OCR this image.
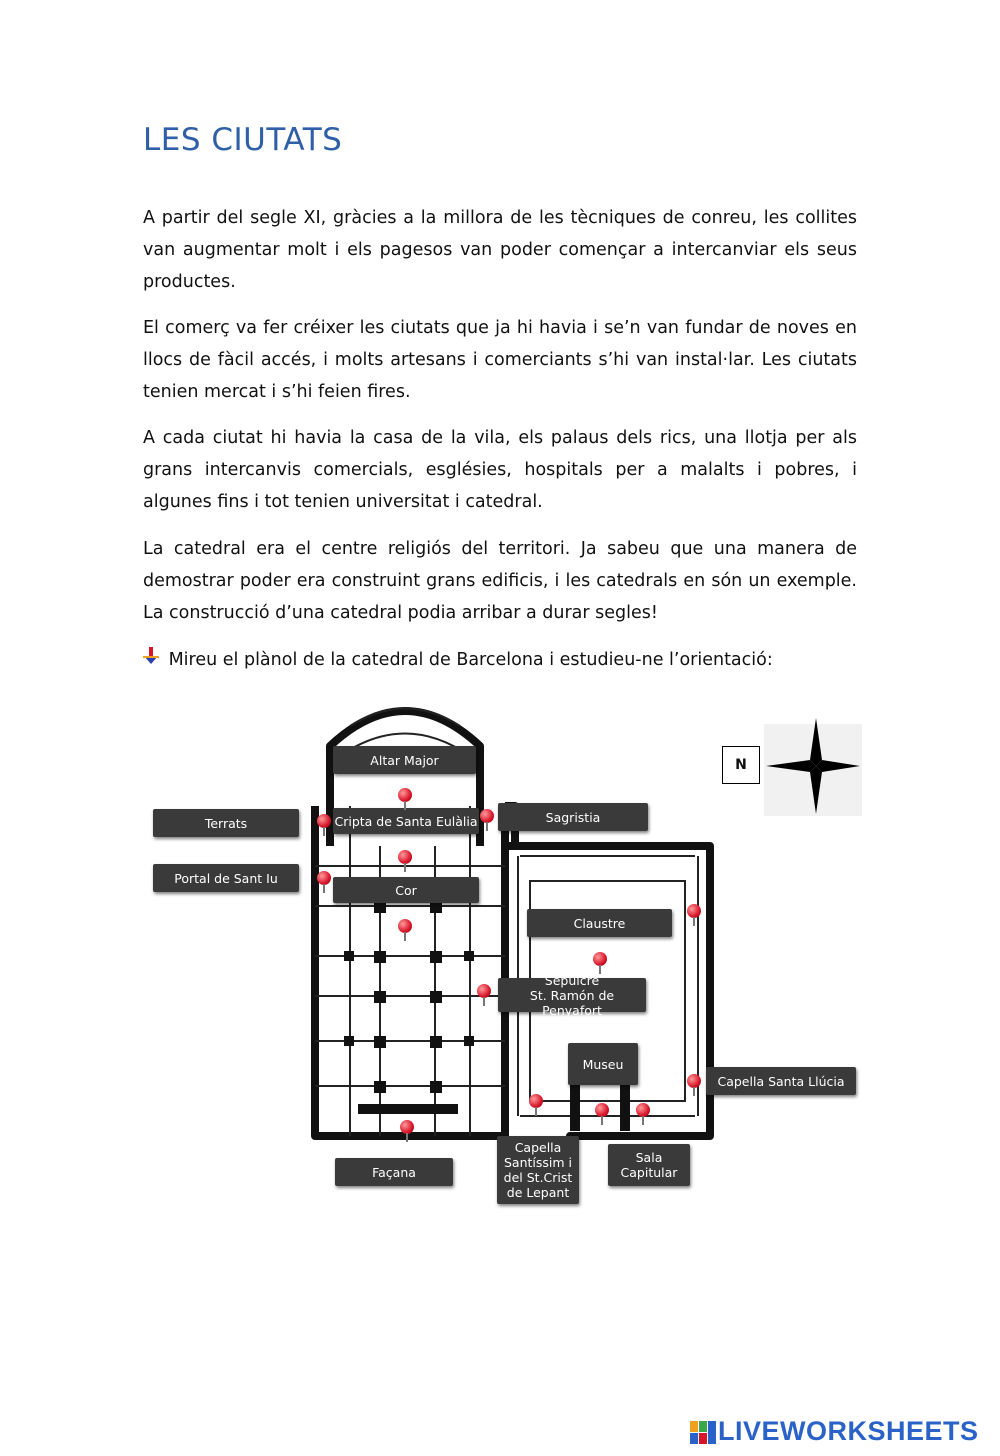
LES CIUTATS

A partir del segle XI, gràcies a la millora de les tècniques de conreu, les collites van augmentar molt i els pagesos van poder començar a intercanviar els seus productes.

El comerç va fer créixer les ciutats que ja hi havia i se’n van fundar de noves en llocs de fàcil accés, i molts artesans i comerciants s’hi van instal·lar. Les ciutats tenien mercat i s’hi feien fires.

A cada ciutat hi havia la casa de la vila, els palaus dels rics, una llotja per als grans intercanvis comercials, esglésies, hospitals per a malalts i pobres, i algunes fins i tot tenien universitat i catedral.

La catedral era el centre religiós del territori. Ja sabeu que una manera de demostrar poder era construint grans edificis, i les catedrals en són un exemple. La construcció d’una catedral podia arribar a durar segles!

Mireu el plànol de la catedral de Barcelona i estudieu-ne l’orientació:
Altar Major
Terrats	Cripta de Santa Eulàlia	Sagristia
Portal de Sant Iu
Cor
Claustre
Sepulcre
St. Ramón de Penyafort
Museu
Capella Santa Llúcia
Façana
Capella Santíssim i del St.Crist de Lepant
Sala Capitular
N
LIVEWORKSHEETS
